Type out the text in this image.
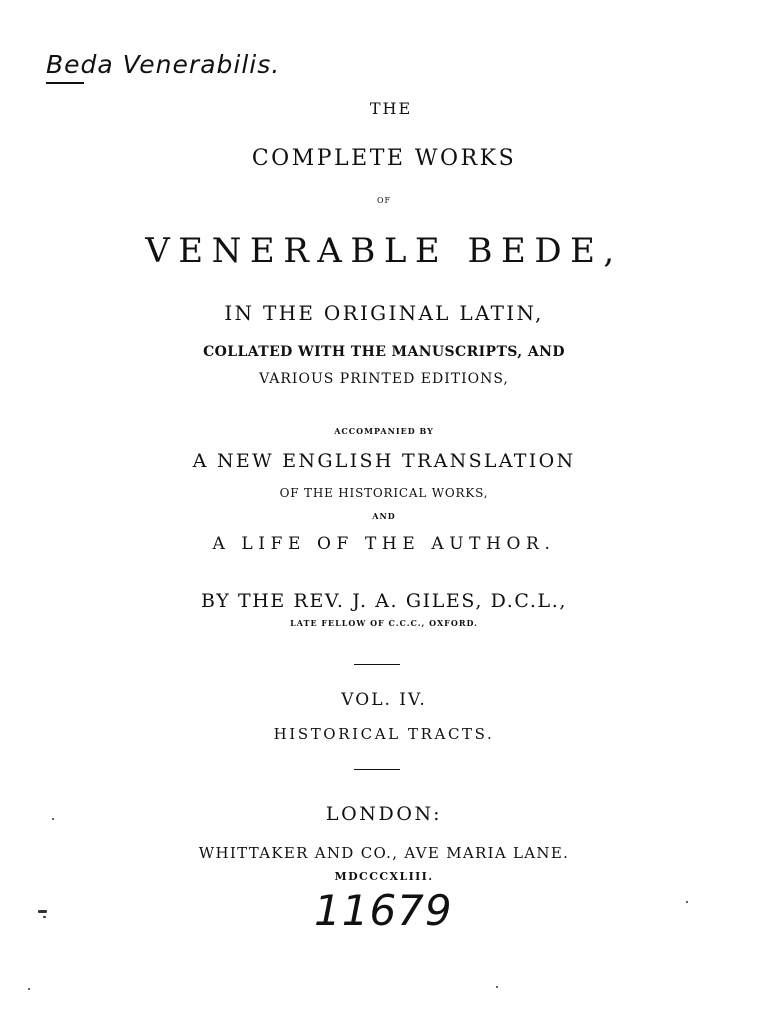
Beda Venerabilis.
THE
COMPLETE WORKS
OF
VENERABLE BEDE,
IN THE ORIGINAL LATIN,
COLLATED WITH THE MANUSCRIPTS, AND
VARIOUS PRINTED EDITIONS,
ACCOMPANIED BY
A NEW ENGLISH TRANSLATION
OF THE HISTORICAL WORKS,
AND
A LIFE OF THE AUTHOR.
BY THE REV. J. A. GILES, D.C.L.,
LATE FELLOW OF C.C.C., OXFORD.
VOL. IV.
HISTORICAL TRACTS.
LONDON:
WHITTAKER AND CO., AVE MARIA LANE.
MDCCCXLIII.
11679
